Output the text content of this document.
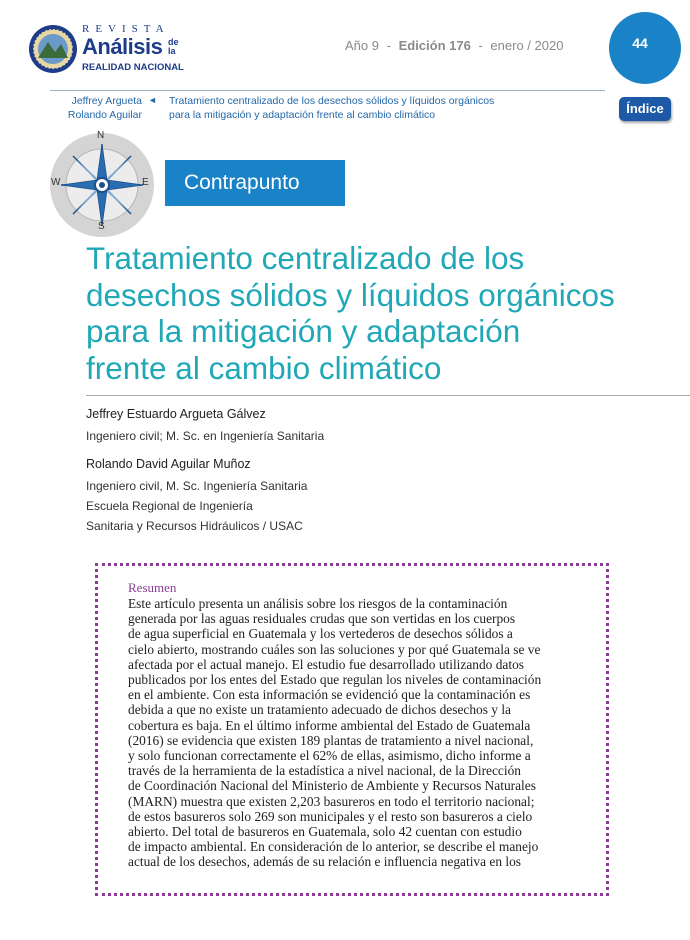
REVISTA
Análisis de la
REALIDAD NACIONAL
Año 9 - Edición 176 - enero / 2020	44
Índice
Jeffrey Argueta
Rolando Aguilar
◄ Tratamiento centralizado de los desechos sólidos y líquidos orgánicos
para la mitigación y adaptación frente al cambio climático
Contrapunto
N
S
E
W
Tratamiento centralizado de los
desechos sólidos y líquidos orgánicos
para la mitigación y adaptación
frente al cambio climático
Jeffrey Estuardo Argueta Gálvez
Ingeniero civil; M. Sc. en Ingeniería Sanitaria
Rolando David Aguilar Muñoz
Ingeniero civil, M. Sc. Ingeniería Sanitaria
Escuela Regional de Ingeniería
Sanitaria y Recursos Hidráulicos / USAC
Resumen
Este artículo presenta un análisis sobre los riesgos de la contaminación
generada por las aguas residuales crudas que son vertidas en los cuerpos
de agua superficial en Guatemala y los vertederos de desechos sólidos a
cielo abierto, mostrando cuáles son las soluciones y por qué Guatemala se ve
afectada por el actual manejo. El estudio fue desarrollado utilizando datos
publicados por los entes del Estado que regulan los niveles de contaminación
en el ambiente. Con esta información se evidenció que la contaminación es
debida a que no existe un tratamiento adecuado de dichos desechos y la
cobertura es baja. En el último informe ambiental del Estado de Guatemala
(2016) se evidencia que existen 189 plantas de tratamiento a nivel nacional,
y solo funcionan correctamente el 62% de ellas, asimismo, dicho informe a
través de la herramienta de la estadística a nivel nacional, de la Dirección
de Coordinación Nacional del Ministerio de Ambiente y Recursos Naturales
(MARN) muestra que existen 2,203 basureros en todo el territorio nacional;
de estos basureros solo 269 son municipales y el resto son basureros a cielo
abierto. Del total de basureros en Guatemala, solo 42 cuentan con estudio
de impacto ambiental. En consideración de lo anterior, se describe el manejo
actual de los desechos, además de su relación e influencia negativa en los
